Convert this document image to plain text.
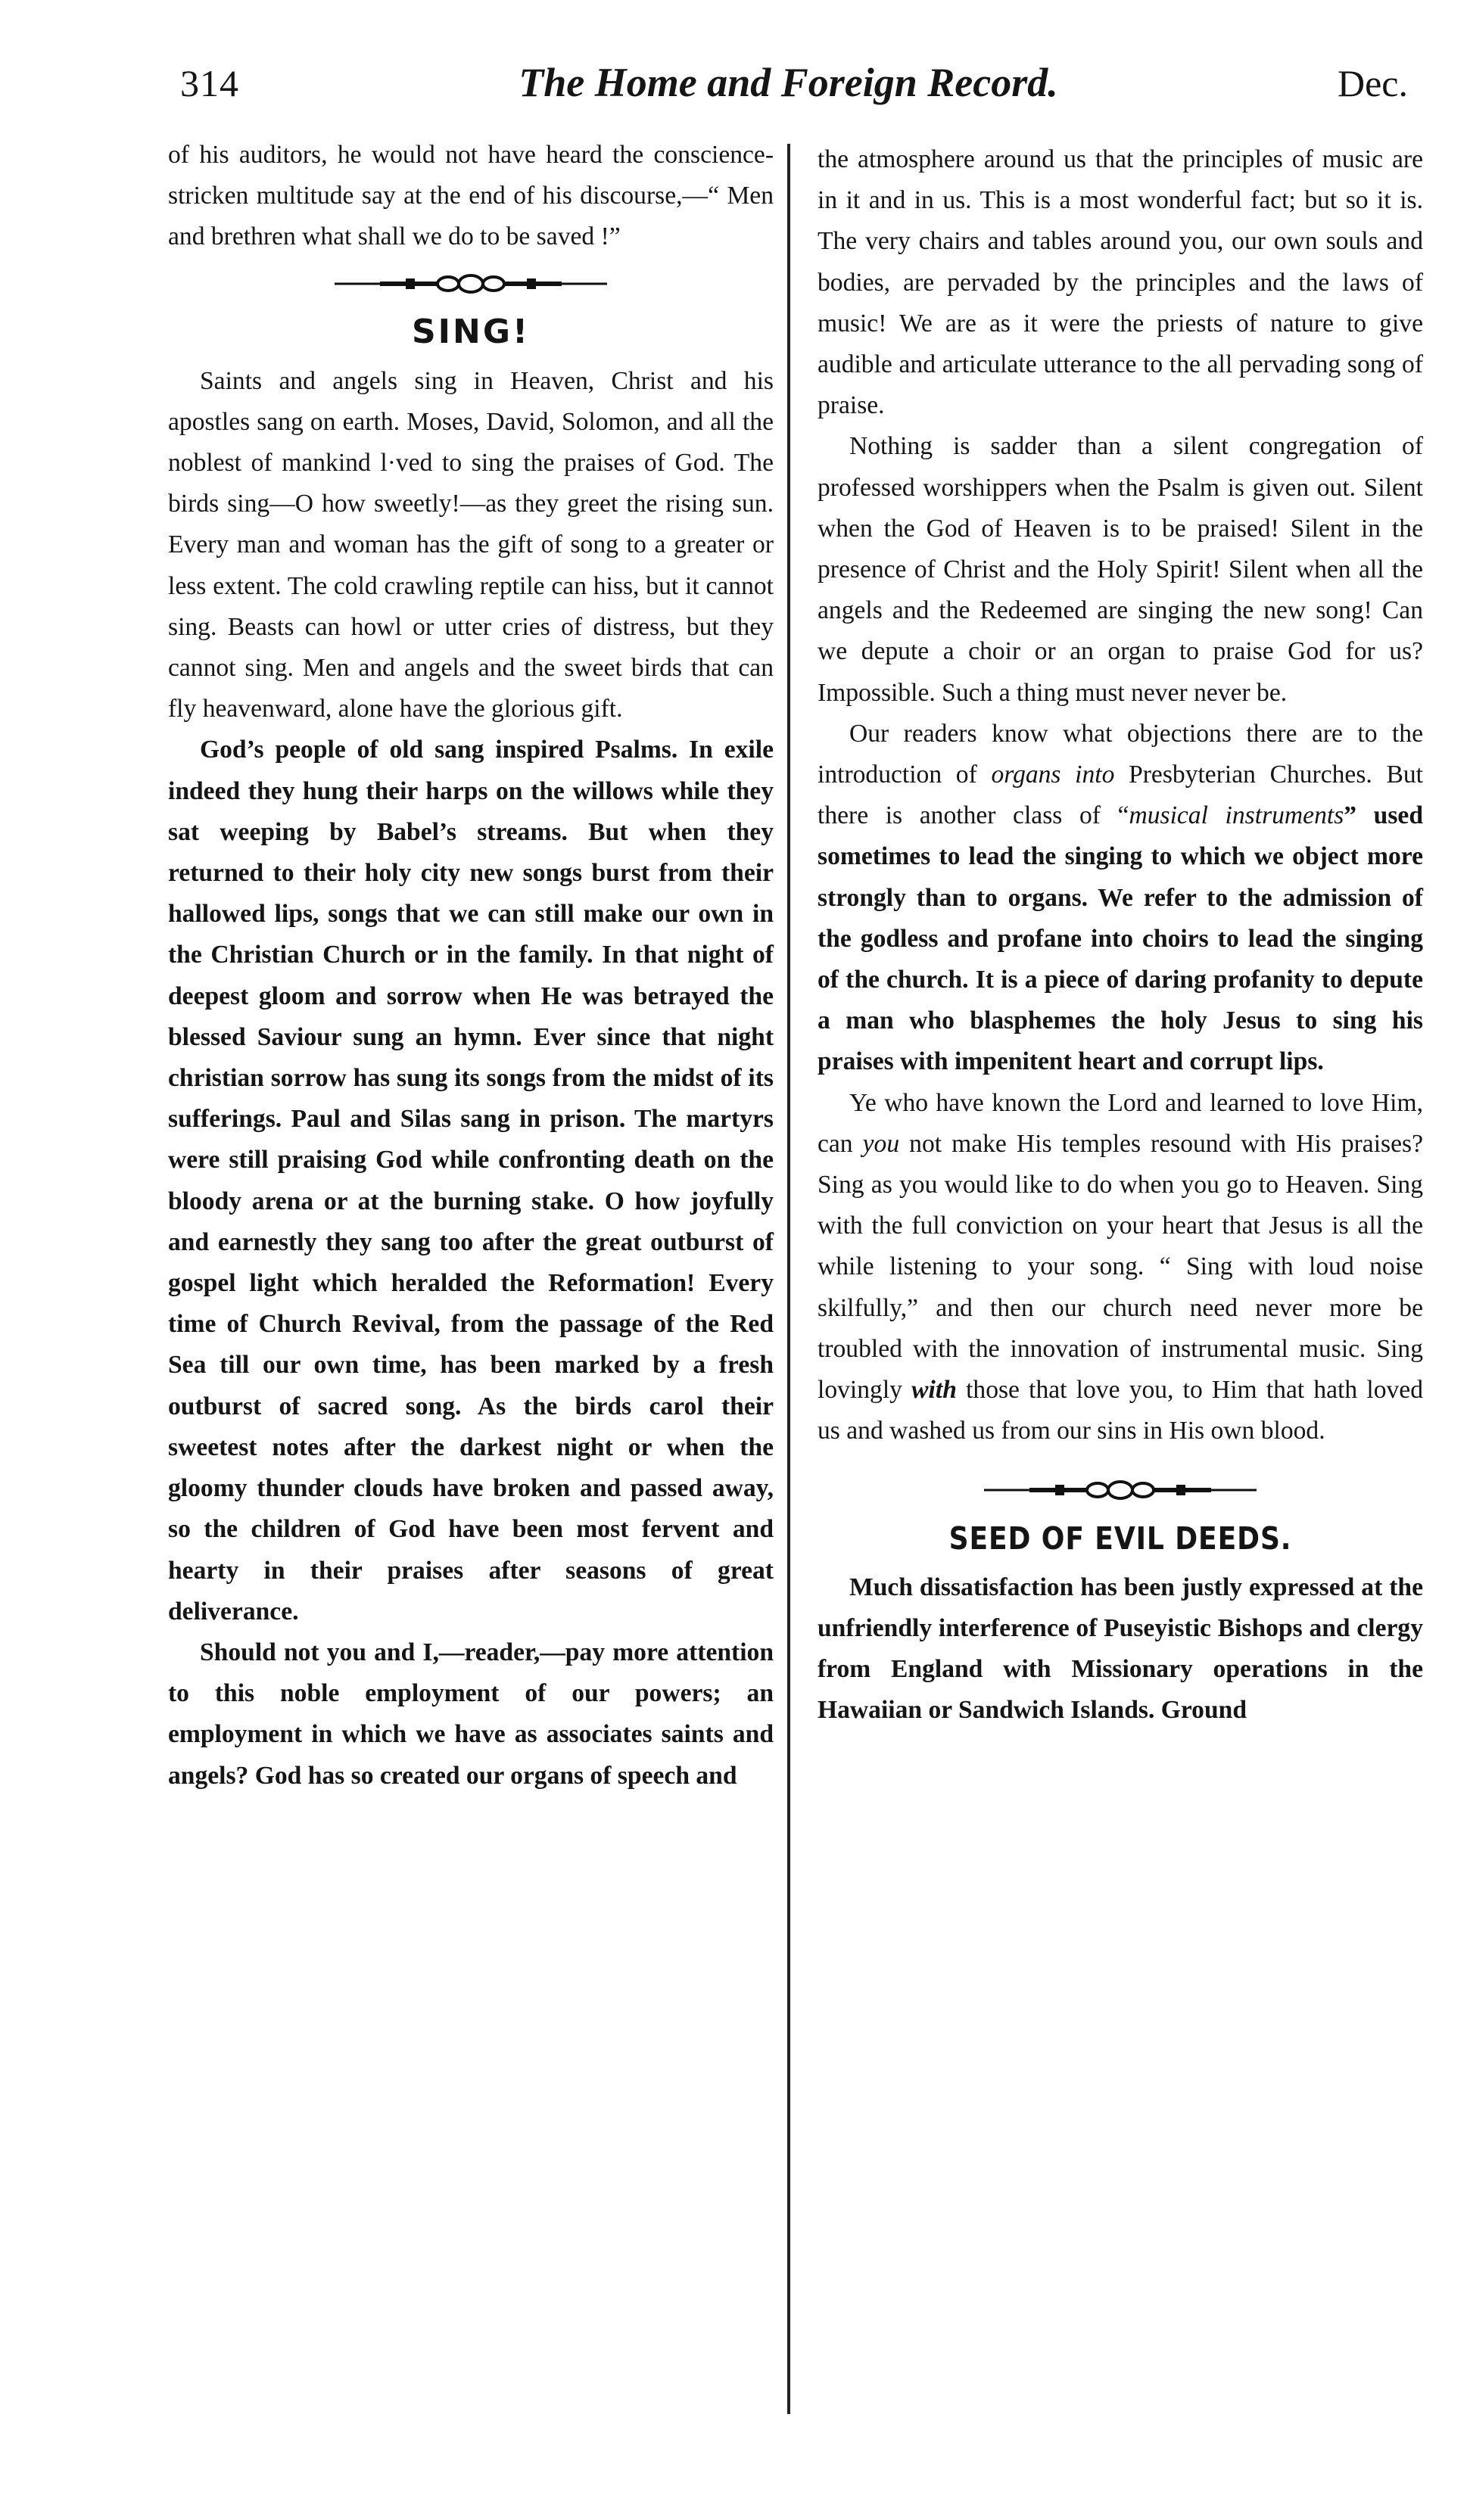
314	The Home and Foreign Record.	Dec.

of his auditors, he would not have heard the conscience-stricken multitude say at the end of his discourse,—“ Men and brethren what shall we do to be saved !”

SING!

Saints and angels sing in Heaven, Christ and his apostles sang on earth. Moses, David, Solomon, and all the noblest of mankind l·ved to sing the praises of God. The birds sing—O how sweetly!—as they greet the rising sun. Every man and woman has the gift of song to a greater or less extent. The cold crawling reptile can hiss, but it cannot sing. Beasts can howl or utter cries of distress, but they cannot sing. Men and angels and the sweet birds that can fly heavenward, alone have the glorious gift.

God’s people of old sang inspired Psalms. In exile indeed they hung their harps on the willows while they sat weeping by Babel’s streams. But when they returned to their holy city new songs burst from their hallowed lips, songs that we can still make our own in the Christian Church or in the family. In that night of deepest gloom and sorrow when He was betrayed the blessed Saviour sung an hymn. Ever since that night christian sorrow has sung its songs from the midst of its sufferings. Paul and Silas sang in prison. The martyrs were still praising God while confronting death on the bloody arena or at the burning stake. O how joyfully and earnestly they sang too after the great outburst of gospel light which heralded the Reformation! Every time of Church Revival, from the passage of the Red Sea till our own time, has been marked by a fresh outburst of sacred song. As the birds carol their sweetest notes after the darkest night or when the gloomy thunder clouds have broken and passed away, so the children of God have been most fervent and hearty in their praises after seasons of great deliverance.

Should not you and I,—reader,—pay more attention to this noble employment of our powers; an employment in which we have as associates saints and angels? God has so created our organs of speech and

the atmosphere around us that the principles of music are in it and in us. This is a most wonderful fact; but so it is. The very chairs and tables around you, our own souls and bodies, are pervaded by the principles and the laws of music! We are as it were the priests of nature to give audible and articulate utterance to the all pervading song of praise.

Nothing is sadder than a silent congregation of professed worshippers when the Psalm is given out. Silent when the God of Heaven is to be praised! Silent in the presence of Christ and the Holy Spirit! Silent when all the angels and the Redeemed are singing the new song! Can we depute a choir or an organ to praise God for us? Impossible. Such a thing must never never be.

Our readers know what objections there are to the introduction of organs into Presbyterian Churches. But there is another class of “musical instruments” used sometimes to lead the singing to which we object more strongly than to organs. We refer to the admission of the godless and profane into choirs to lead the singing of the church. It is a piece of daring profanity to depute a man who blasphemes the holy Jesus to sing his praises with impenitent heart and corrupt lips.

Ye who have known the Lord and learned to love Him, can you not make His temples resound with His praises? Sing as you would like to do when you go to Heaven. Sing with the full conviction on your heart that Jesus is all the while listening to your song. “ Sing with loud noise skilfully,” and then our church need never more be troubled with the innovation of instrumental music. Sing lovingly with those that love you, to Him that hath loved us and washed us from our sins in His own blood.

SEED OF EVIL DEEDS.

Much dissatisfaction has been justly expressed at the unfriendly interference of Puseyistic Bishops and clergy from England with Missionary operations in the Hawaiian or Sandwich Islands. Ground
